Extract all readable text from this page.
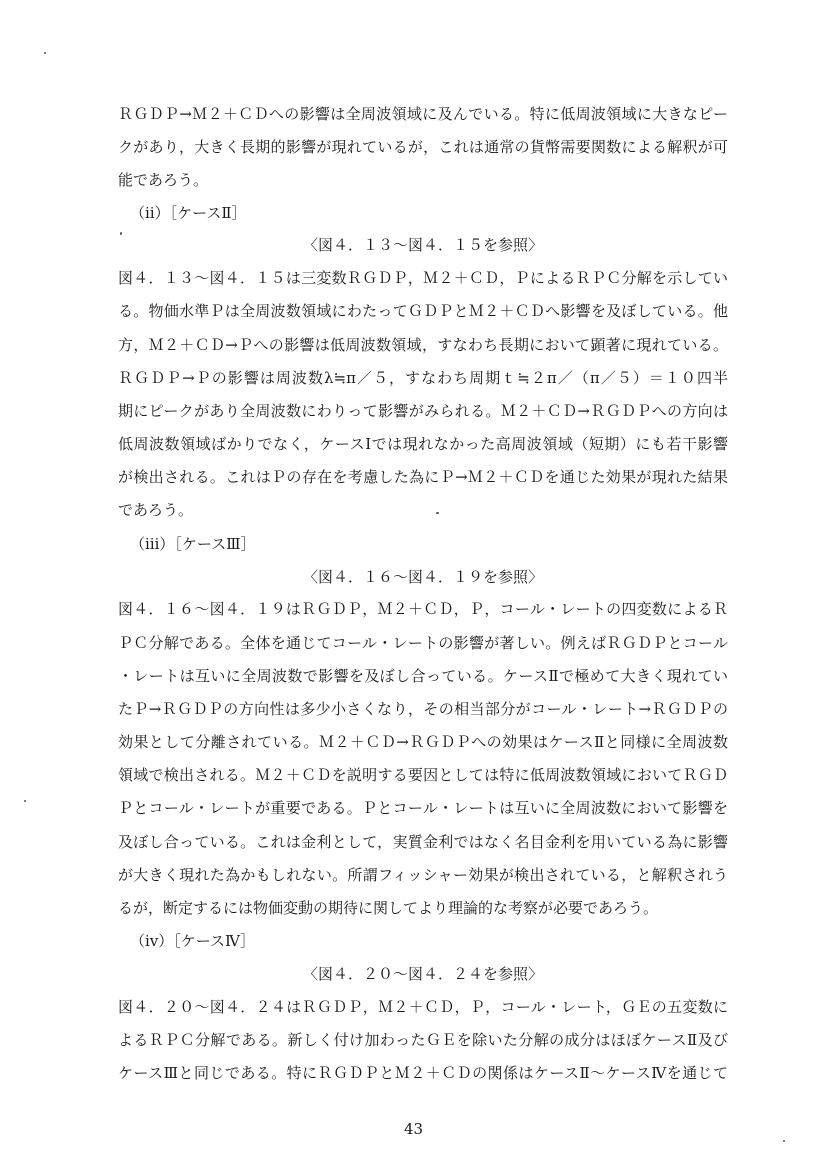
ＲＧＤＰ→Ｍ２＋ＣＤへの影響は全周波領域に及んでいる。特に低周波領域に大きなピー
クがあり，大きく長期的影響が現れているが，これは通常の貨幣需要関数による解釈が可
能であろう。
（ⅱ）［ケースⅡ］
〈図４．１３～図４．１５を参照〉
図４．１３～図４．１５は三変数ＲＧＤＰ，Ｍ２＋ＣＤ，ＰによるＲＰＣ分解を示してい
る。物価水準Ｐは全周波数領域にわたってＧＤＰとＭ２＋ＣＤへ影響を及ぼしている。他
方，Ｍ２＋ＣＤ→Ｐへの影響は低周波数領域，すなわち長期において顕著に現れている。
ＲＧＤＰ→Ｐの影響は周波数λ≒π／５，すなわち周期ｔ≒２π／（π／５）＝１０四半
期にピークがあり全周波数にわりって影響がみられる。Ｍ２＋ＣＤ→ＲＧＤＰへの方向は
低周波数領域ばかりでなく，ケースⅠでは現れなかった高周波領域（短期）にも若干影響
が検出される。これはＰの存在を考慮した為にＰ→Ｍ２＋ＣＤを通じた効果が現れた結果
であろう。
（ⅲ）［ケースⅢ］
〈図４．１６～図４．１９を参照〉
図４．１６～図４．１９はＲＧＤＰ，Ｍ２＋ＣＤ，Ｐ，コール・レートの四変数によるＲ
ＰＣ分解である。全体を通じてコール・レートの影響が著しい。例えばＲＧＤＰとコール
・レートは互いに全周波数で影響を及ぼし合っている。ケースⅡで極めて大きく現れてい
たＰ→ＲＧＤＰの方向性は多少小さくなり，その相当部分がコール・レート→ＲＧＤＰの
効果として分離されている。Ｍ２＋ＣＤ→ＲＧＤＰへの効果はケースⅡと同様に全周波数
領域で検出される。Ｍ２＋ＣＤを説明する要因としては特に低周波数領域においてＲＧＤ
Ｐとコール・レートが重要である。Ｐとコール・レートは互いに全周波数において影響を
及ぼし合っている。これは金利として，実質金利ではなく名目金利を用いている為に影響
が大きく現れた為かもしれない。所謂フィッシャー効果が検出されている，と解釈されう
るが，断定するには物価変動の期待に関してより理論的な考察が必要であろう。
（ⅳ）［ケースⅣ］
〈図４．２０～図４．２４を参照〉
図４．２０～図４．２４はＲＧＤＰ，Ｍ２＋ＣＤ，Ｐ，コール・レート，ＧＥの五変数に
よるＲＰＣ分解である。新しく付け加わったＧＥを除いた分解の成分はほぼケースⅡ及び
ケースⅢと同じである。特にＲＧＤＰとＭ２＋ＣＤの関係はケースⅡ～ケースⅣを通じて
43
